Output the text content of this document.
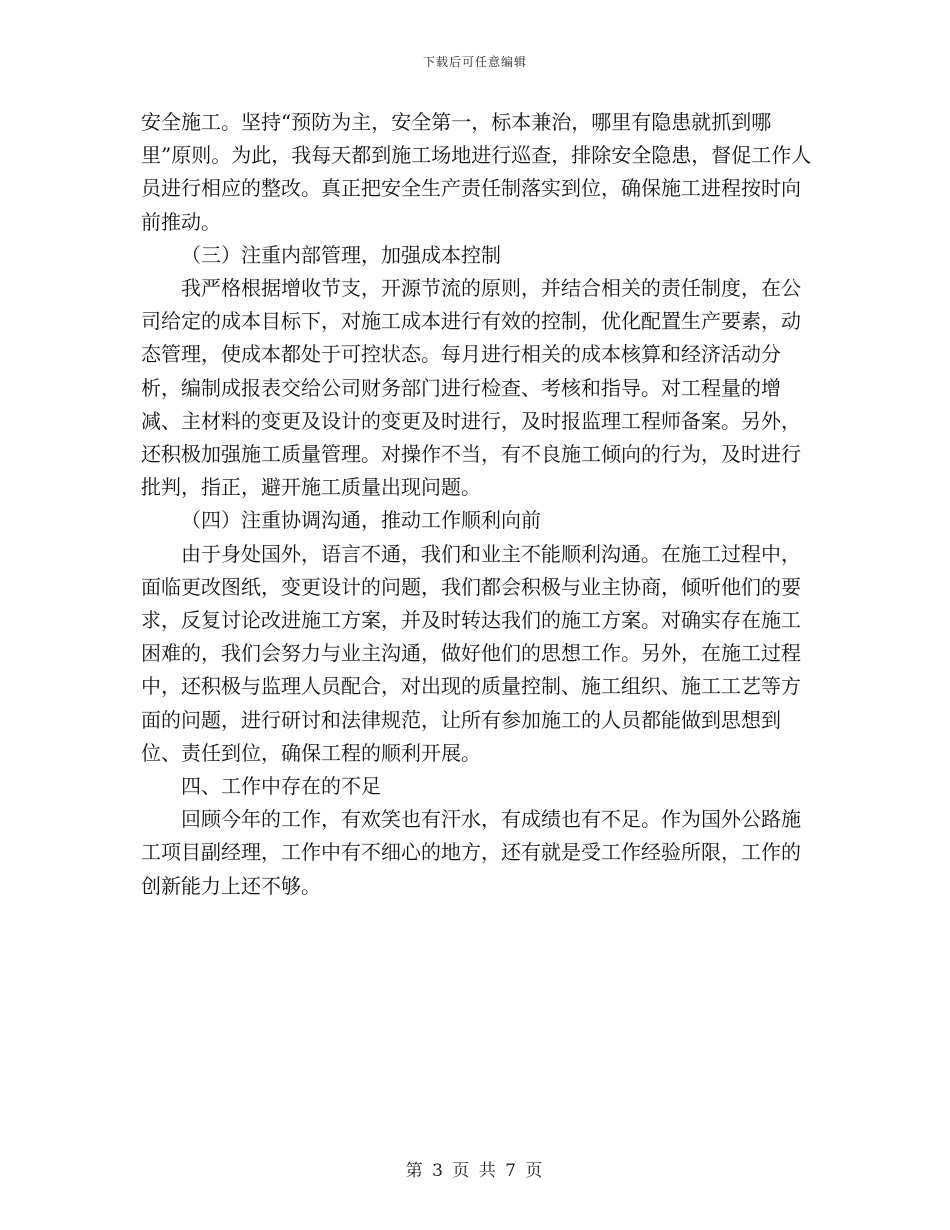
下载后可任意编辑

安全施工。坚持“预防为主，安全第一，标本兼治，哪里有隐患就抓到哪里”原则。为此，我每天都到施工场地进行巡查，排除安全隐患，督促工作人员进行相应的整改。真正把安全生产责任制落实到位，确保施工进程按时向前推动。

（三）注重内部管理，加强成本控制

我严格根据增收节支，开源节流的原则，并结合相关的责任制度，在公司给定的成本目标下，对施工成本进行有效的控制，优化配置生产要素，动态管理，使成本都处于可控状态。每月进行相关的成本核算和经济活动分析，编制成报表交给公司财务部门进行检查、考核和指导。对工程量的增减、主材料的变更及设计的变更及时进行，及时报监理工程师备案。另外，还积极加强施工质量管理。对操作不当，有不良施工倾向的行为，及时进行批判，指正，避开施工质量出现问题。

（四）注重协调沟通，推动工作顺利向前

由于身处国外，语言不通，我们和业主不能顺利沟通。在施工过程中，面临更改图纸，变更设计的问题，我们都会积极与业主协商，倾听他们的要求，反复讨论改进施工方案，并及时转达我们的施工方案。对确实存在施工困难的，我们会努力与业主沟通，做好他们的思想工作。另外，在施工过程中，还积极与监理人员配合，对出现的质量控制、施工组织、施工工艺等方面的问题，进行研讨和法律规范，让所有参加施工的人员都能做到思想到位、责任到位，确保工程的顺利开展。

四、工作中存在的不足

回顾今年的工作，有欢笑也有汗水，有成绩也有不足。作为国外公路施工项目副经理，工作中有不细心的地方，还有就是受工作经验所限，工作的创新能力上还不够。

第 3 页 共 7 页
